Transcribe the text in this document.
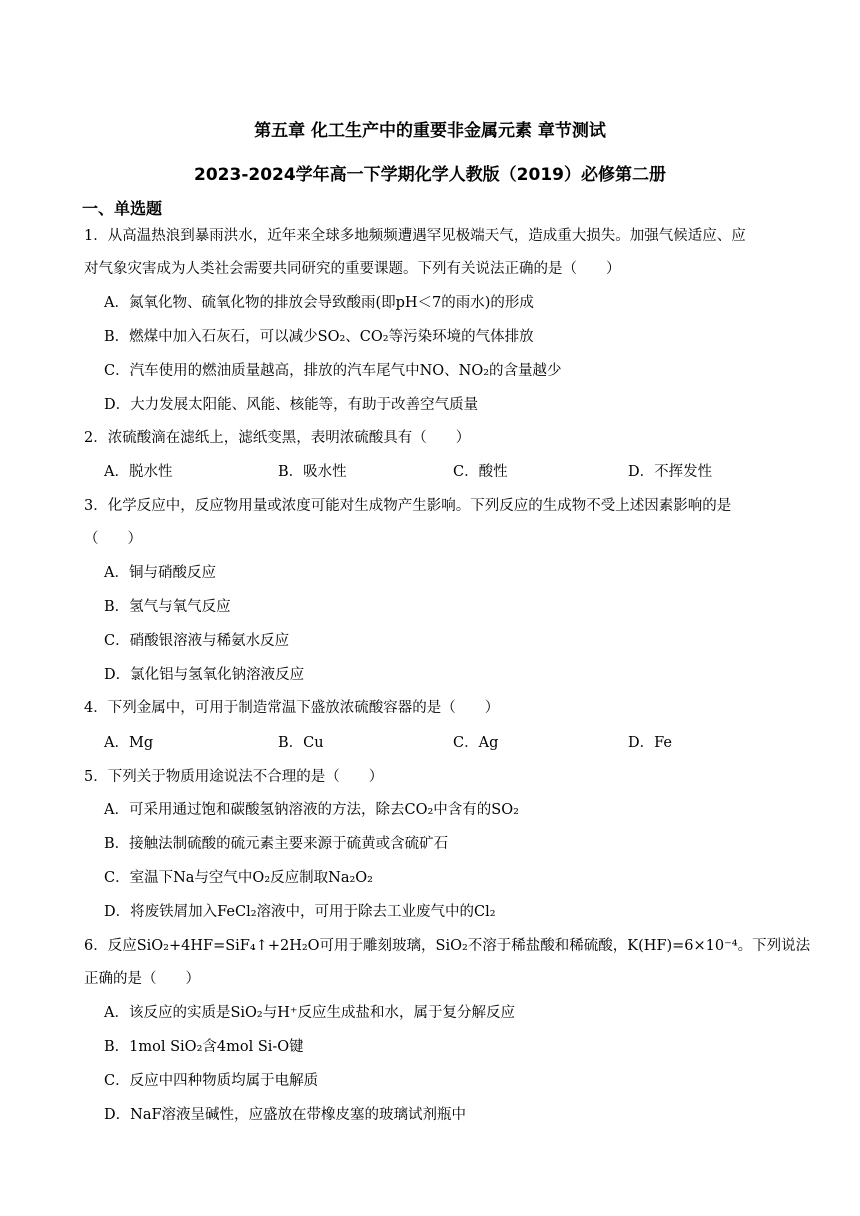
第五章 化工生产中的重要非金属元素 章节测试
2023-2024学年高一下学期化学人教版（2019）必修第二册
一、单选题
1．从高温热浪到暴雨洪水，近年来全球多地频频遭遇罕见极端天气，造成重大损失。加强气候适应、应
对气象灾害成为人类社会需要共同研究的重要课题。下列有关说法正确的是（　　）
A．氮氧化物、硫氧化物的排放会导致酸雨(即pH＜7的雨水)的形成
B．燃煤中加入石灰石，可以减少SO₂、CO₂等污染环境的气体排放
C．汽车使用的燃油质量越高，排放的汽车尾气中NO、NO₂的含量越少
D．大力发展太阳能、风能、核能等，有助于改善空气质量
2．浓硫酸滴在滤纸上，滤纸变黑，表明浓硫酸具有（　　）
A．脱水性	B．吸水性	C．酸性	D．不挥发性
3．化学反应中，反应物用量或浓度可能对生成物产生影响。下列反应的生成物不受上述因素影响的是
（　　）
A．铜与硝酸反应
B．氢气与氧气反应
C．硝酸银溶液与稀氨水反应
D．氯化铝与氢氧化钠溶液反应
4．下列金属中，可用于制造常温下盛放浓硫酸容器的是（　　）
A．Mg	B．Cu	C．Ag	D．Fe
5．下列关于物质用途说法不合理的是（　　）
A．可采用通过饱和碳酸氢钠溶液的方法，除去CO₂中含有的SO₂
B．接触法制硫酸的硫元素主要来源于硫黄或含硫矿石
C．室温下Na与空气中O₂反应制取Na₂O₂
D．将废铁屑加入FeCl₂溶液中，可用于除去工业废气中的Cl₂
6．反应SiO₂+4HF=SiF₄↑+2H₂O可用于雕刻玻璃，SiO₂不溶于稀盐酸和稀硫酸，K(HF)=6×10⁻⁴。下列说法
正确的是（　　）
A．该反应的实质是SiO₂与H⁺反应生成盐和水，属于复分解反应
B．1mol SiO₂含4mol Si-O键
C．反应中四种物质均属于电解质
D．NaF溶液呈碱性，应盛放在带橡皮塞的玻璃试剂瓶中
